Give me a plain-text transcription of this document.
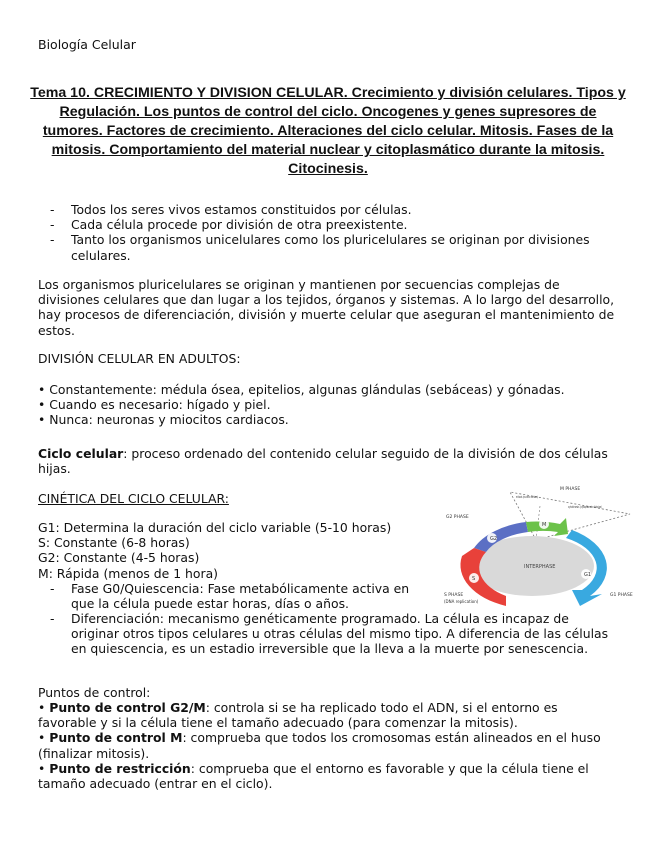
Biología Celular
Tema 10. CRECIMIENTO Y DIVISION CELULAR. Crecimiento y división celulares. Tipos y Regulación. Los puntos de control del ciclo. Oncogenes y genes supresores de tumores. Factores de crecimiento. Alteraciones del ciclo celular. Mitosis. Fases de la mitosis. Comportamiento del material nuclear y citoplasmático durante la mitosis. Citocinesis.
- Todos los seres vivos estamos constituidos por células.
- Cada célula procede por división de otra preexistente.
- Tanto los organismos unicelulares como los pluricelulares se originan por divisiones celulares.

Los organismos pluricelulares se originan y mantienen por secuencias complejas de divisiones celulares que dan lugar a los tejidos, órganos y sistemas. A lo largo del desarrollo, hay procesos de diferenciación, división y muerte celular que aseguran el mantenimiento de estos.

DIVISIÓN CELULAR EN ADULTOS:

• Constantemente: médula ósea, epitelios, algunas glándulas (sebáceas) y gónadas.
• Cuando es necesario: hígado y piel.
• Nunca: neuronas y miocitos cardiacos.

Ciclo celular: proceso ordenado del contenido celular seguido de la división de dos células hijas.

CINÉTICA DEL CICLO CELULAR:

G1: Determina la duración del ciclo variable (5-10 horas)
S: Constante (6-8 horas)
G2: Constante (4-5 horas)
M: Rápida (menos de 1 hora)
- Fase G0/Quiescencia: Fase metabólicamente activa en que la célula puede estar horas, días o años.
- Diferenciación: mecanismo genéticamente programado. La célula es incapaz de originar otros tipos celulares u otras células del mismo tipo. A diferencia de las células en quiescencia, es un estadio irreversible que la lleva a la muerte por senescencia.

Puntos de control:

• Punto de control G2/M: controla si se ha replicado todo el ADN, si el entorno es favorable y si la célula tiene el tamaño adecuado (para comenzar la mitosis).
• Punto de control M: comprueba que todos los cromosomas están alineados en el huso (finalizar mitosis).
• Punto de restricción: comprueba que el entorno es favorable y que la célula tiene el tamaño adecuado (entrar en el ciclo).
G2
M
G1
S
INTERPHASE
M PHASE
G2 PHASE
G1 PHASE
S PHASE
(DNA replication)
mitosis (nuclear division)
cytokinesis (cytoplasmic division)
